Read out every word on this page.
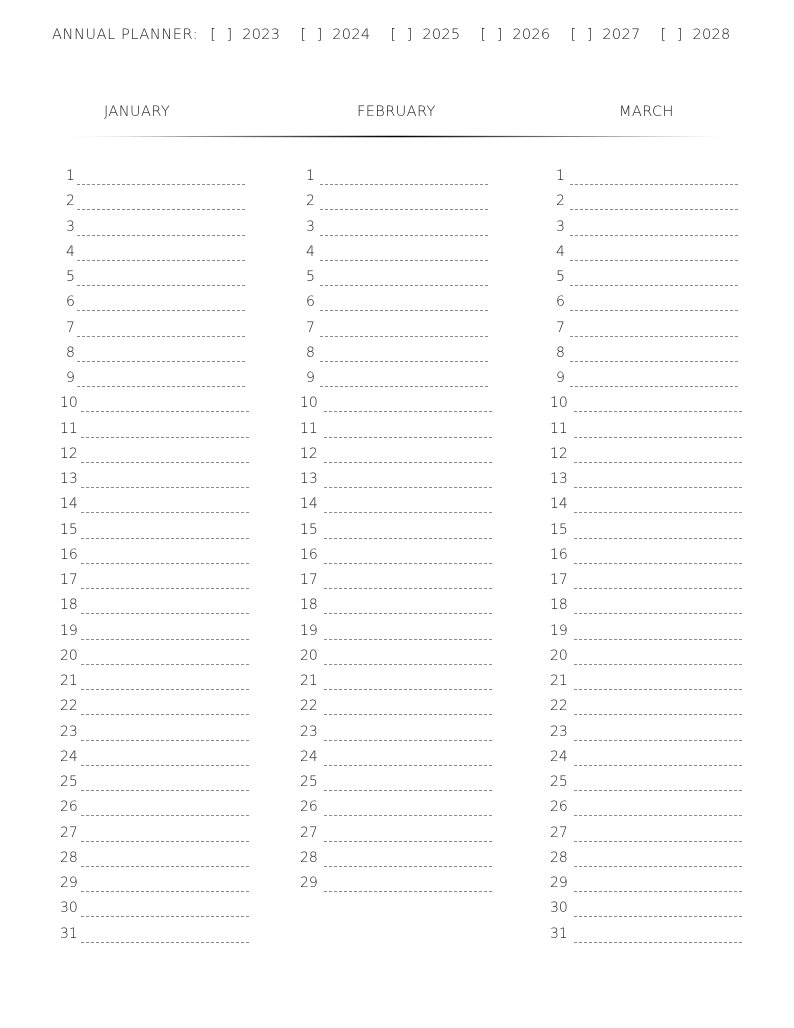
ANNUAL PLANNER: [ ] 2023 [ ] 2024 [ ] 2025 [ ] 2026 [ ] 2027 [ ] 2028
JANUARY	FEBRUARY	MARCH
1
2
3
4
5
6
7
8
9
10
11
12
13
14
15
16
17
18
19
20
21
22
23
24
25
26
27
28
29
30
31
1
2
3
4
5
6
7
8
9
10
11
12
13
14
15
16
17
18
19
20
21
22
23
24
25
26
27
28
29
1
2
3
4
5
6
7
8
9
10
11
12
13
14
15
16
17
18
19
20
21
22
23
24
25
26
27
28
29
30
31
